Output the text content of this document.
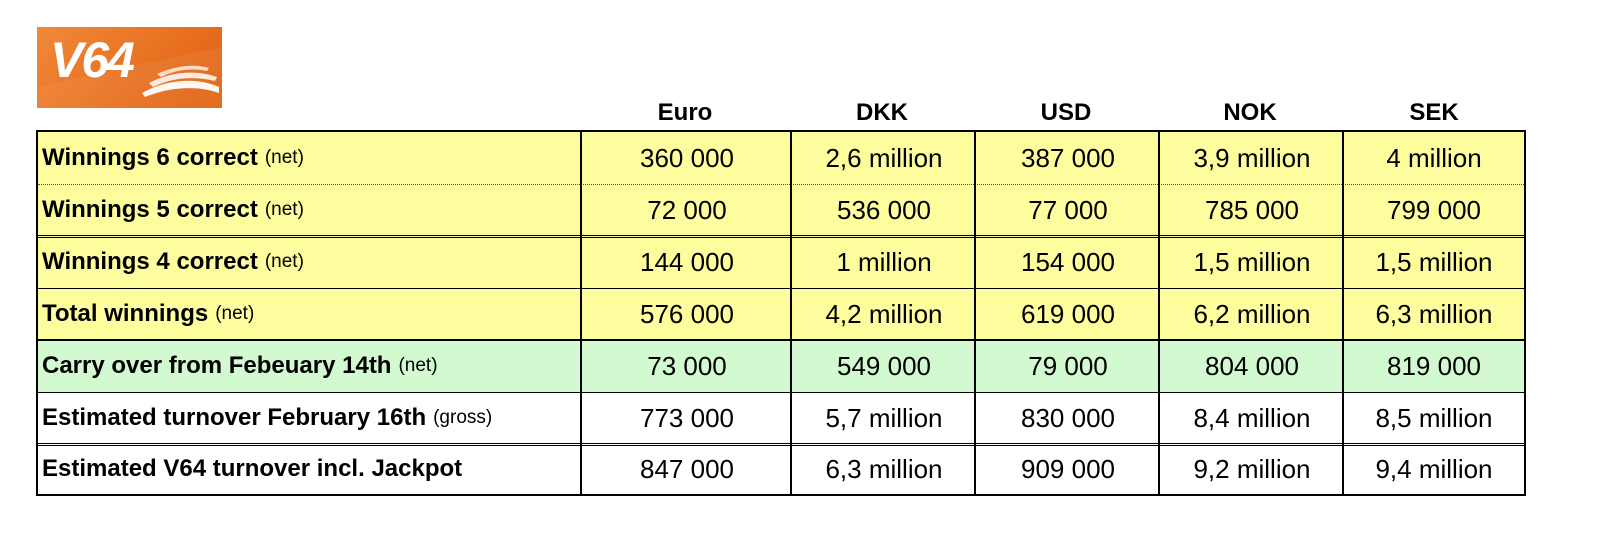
V64
Euro	DKK	USD	NOK	SEK
Winnings 6 correct (net)	360 000	2,6 million	387 000	3,9 million	4 million
Winnings 5 correct (net)	72 000	536 000	77 000	785 000	799 000
Winnings 4 correct (net)	144 000	1 million	154 000	1,5 million	1,5 million
Total winnings (net)	576 000	4,2 million	619 000	6,2 million	6,3 million
Carry over from Febeuary 14th (net)	73 000	549 000	79 000	804 000	819 000
Estimated turnover February 16th (gross)	773 000	5,7 million	830 000	8,4 million	8,5 million
Estimated V64 turnover incl. Jackpot	847 000	6,3 million	909 000	9,2 million	9,4 million
